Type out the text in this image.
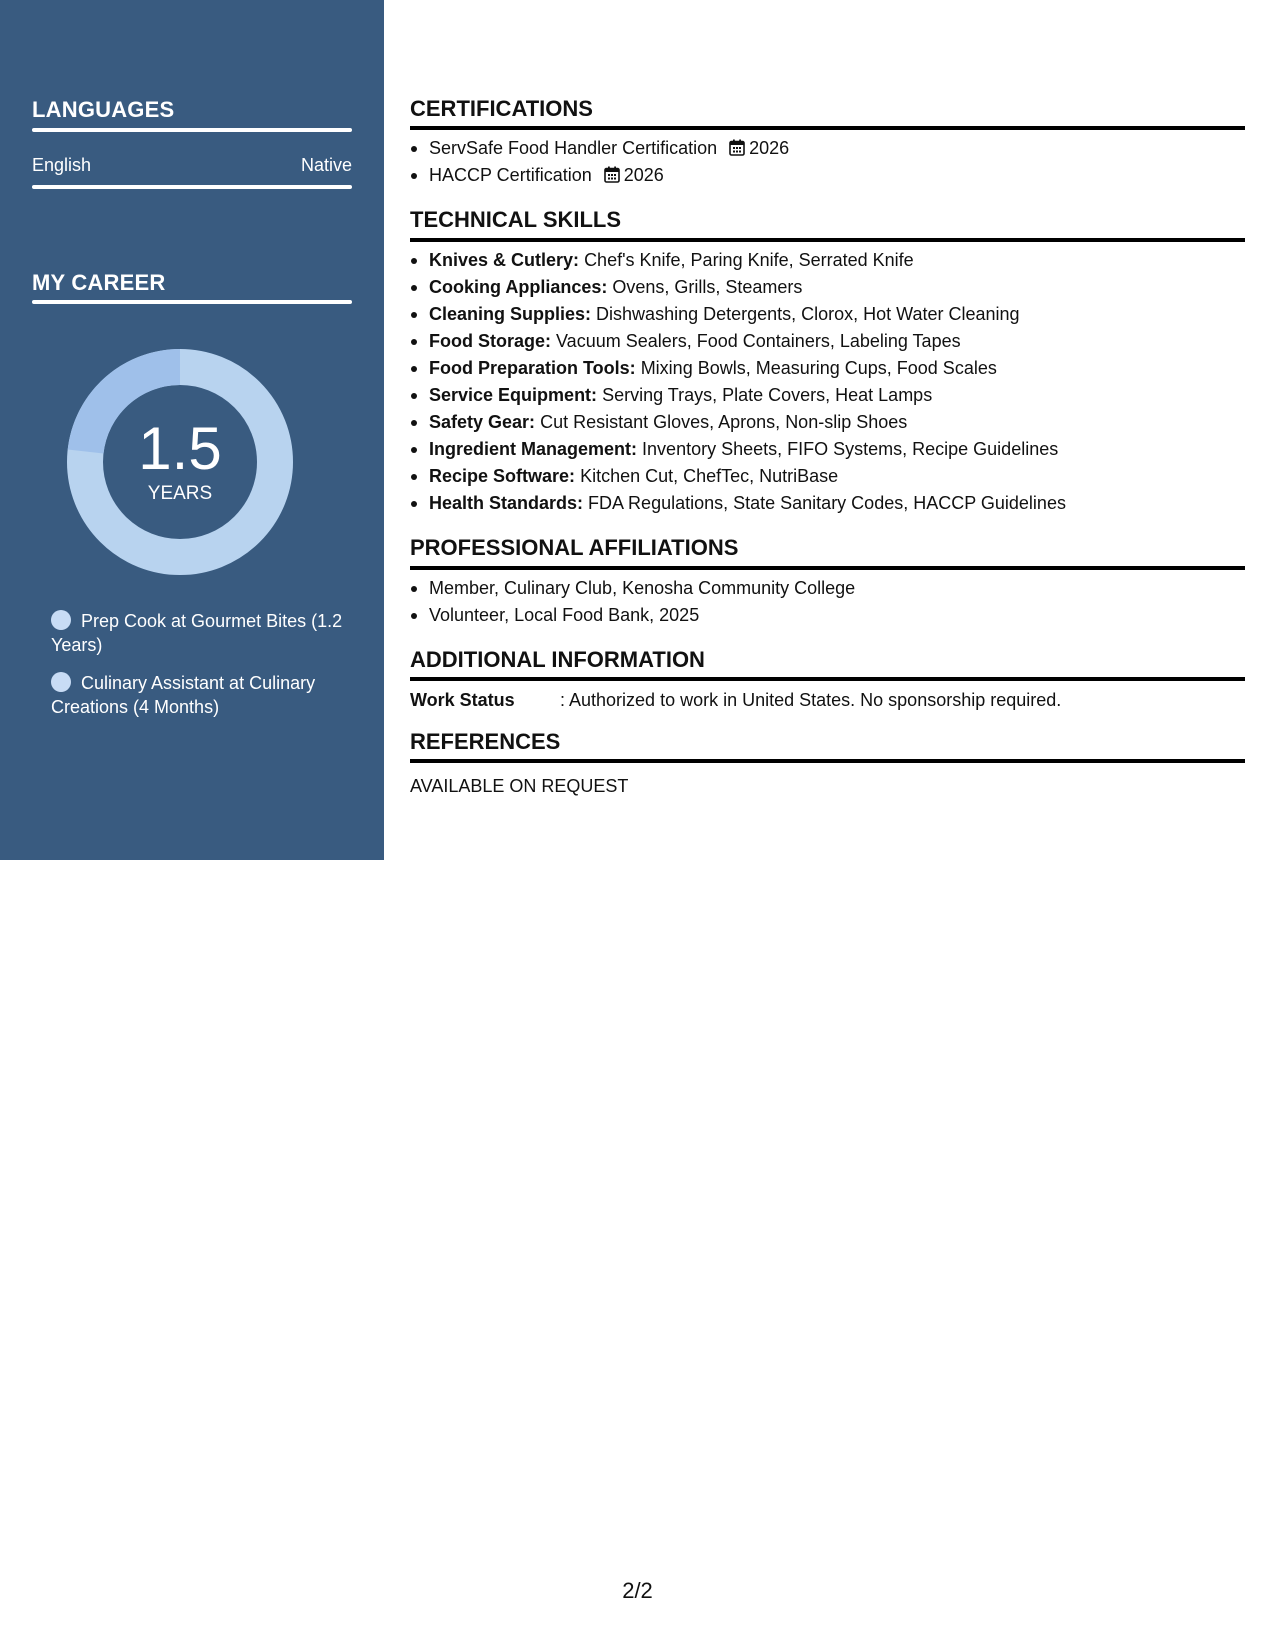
LANGUAGES
English	Native
MY CAREER
1.5
YEARS
Prep Cook at Gourmet Bites (1.2 Years)
Culinary Assistant at Culinary Creations (4 Months)
CERTIFICATIONS
ServSafe Food Handler Certification 2026
HACCP Certification 2026
TECHNICAL SKILLS
Knives & Cutlery: Chef's Knife, Paring Knife, Serrated Knife
Cooking Appliances: Ovens, Grills, Steamers
Cleaning Supplies: Dishwashing Detergents, Clorox, Hot Water Cleaning
Food Storage: Vacuum Sealers, Food Containers, Labeling Tapes
Food Preparation Tools: Mixing Bowls, Measuring Cups, Food Scales
Service Equipment: Serving Trays, Plate Covers, Heat Lamps
Safety Gear: Cut Resistant Gloves, Aprons, Non-slip Shoes
Ingredient Management: Inventory Sheets, FIFO Systems, Recipe Guidelines
Recipe Software: Kitchen Cut, ChefTec, NutriBase
Health Standards: FDA Regulations, State Sanitary Codes, HACCP Guidelines
PROFESSIONAL AFFILIATIONS
Member, Culinary Club, Kenosha Community College
Volunteer, Local Food Bank, 2025
ADDITIONAL INFORMATION
Work Status	: Authorized to work in United States. No sponsorship required.
REFERENCES
AVAILABLE ON REQUEST
2/2
